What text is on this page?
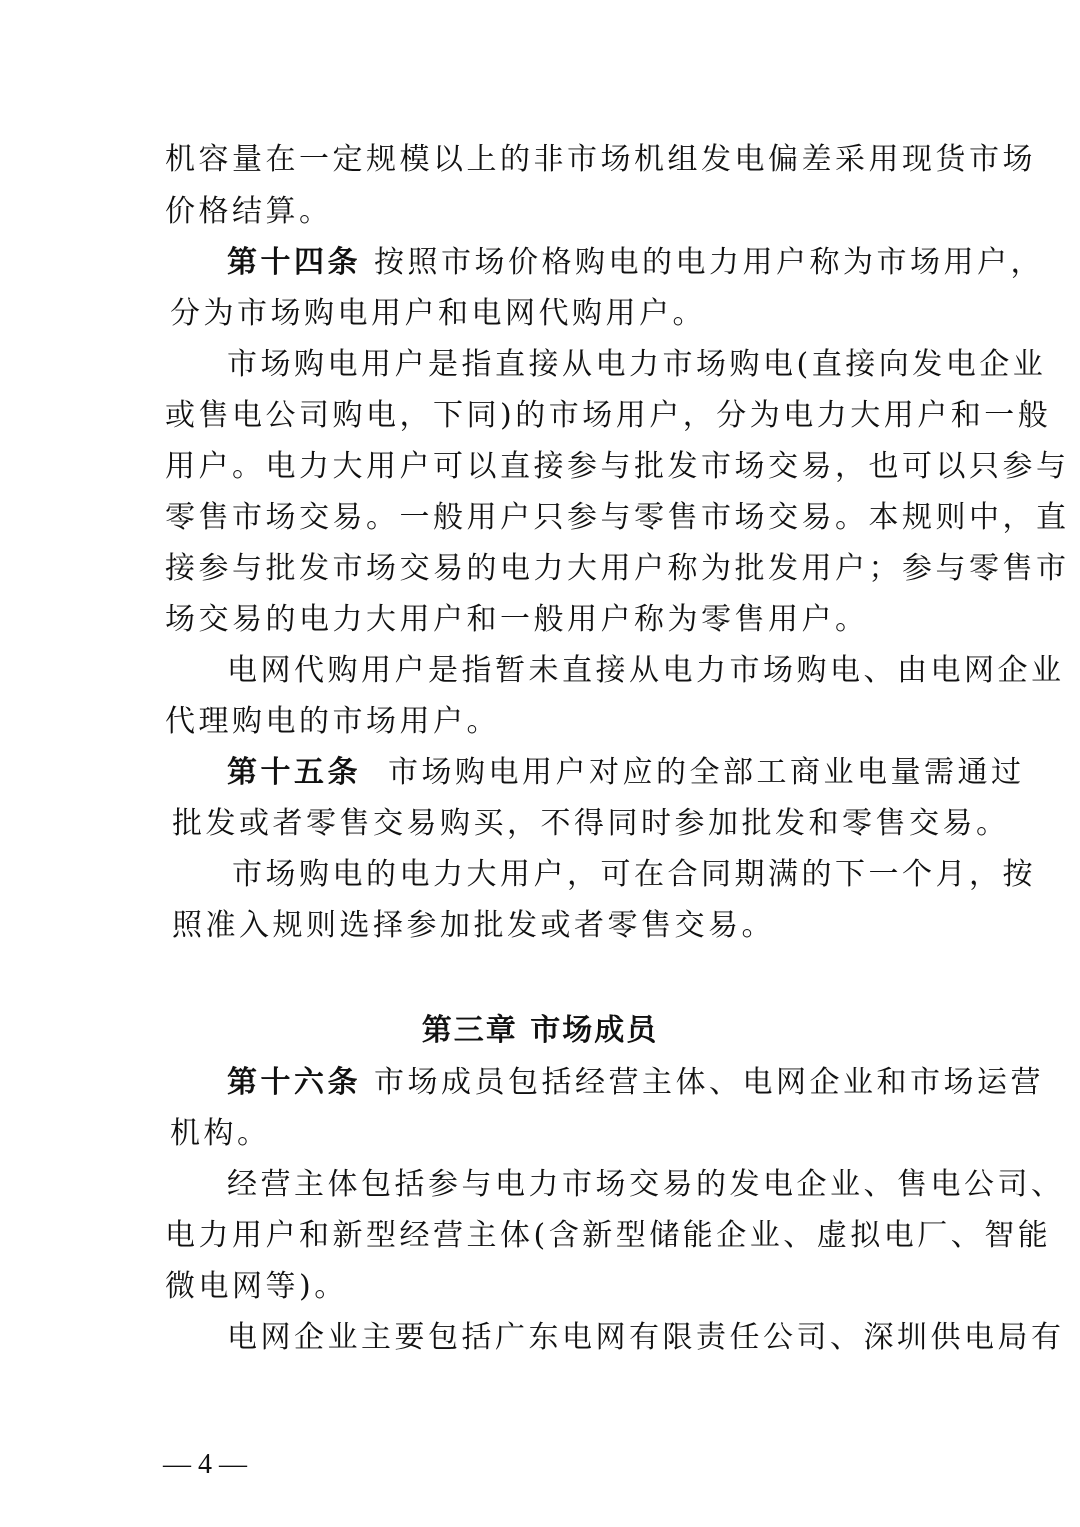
机容量在一定规模以上的非市场机组发电偏差采用现货市场
价格结算。
第十四条 按照市场价格购电的电力用户称为市场用户，
分为市场购电用户和电网代购用户。
市场购电用户是指直接从电力市场购电(直接向发电企业
或售电公司购电，下同)的市场用户，分为电力大用户和一般
用户。电力大用户可以直接参与批发市场交易，也可以只参与
零售市场交易。一般用户只参与零售市场交易。本规则中，直
接参与批发市场交易的电力大用户称为批发用户；参与零售市
场交易的电力大用户和一般用户称为零售用户。
电网代购用户是指暂未直接从电力市场购电、由电网企业
代理购电的市场用户。
第十五条 市场购电用户对应的全部工商业电量需通过
批发或者零售交易购买，不得同时参加批发和零售交易。
市场购电的电力大用户，可在合同期满的下一个月，按
照准入规则选择参加批发或者零售交易。
第三章 市场成员
第十六条 市场成员包括经营主体、电网企业和市场运营
机构。
经营主体包括参与电力市场交易的发电企业、售电公司、
电力用户和新型经营主体(含新型储能企业、虚拟电厂、智能
微电网等)。
电网企业主要包括广东电网有限责任公司、深圳供电局有
— 4 —
